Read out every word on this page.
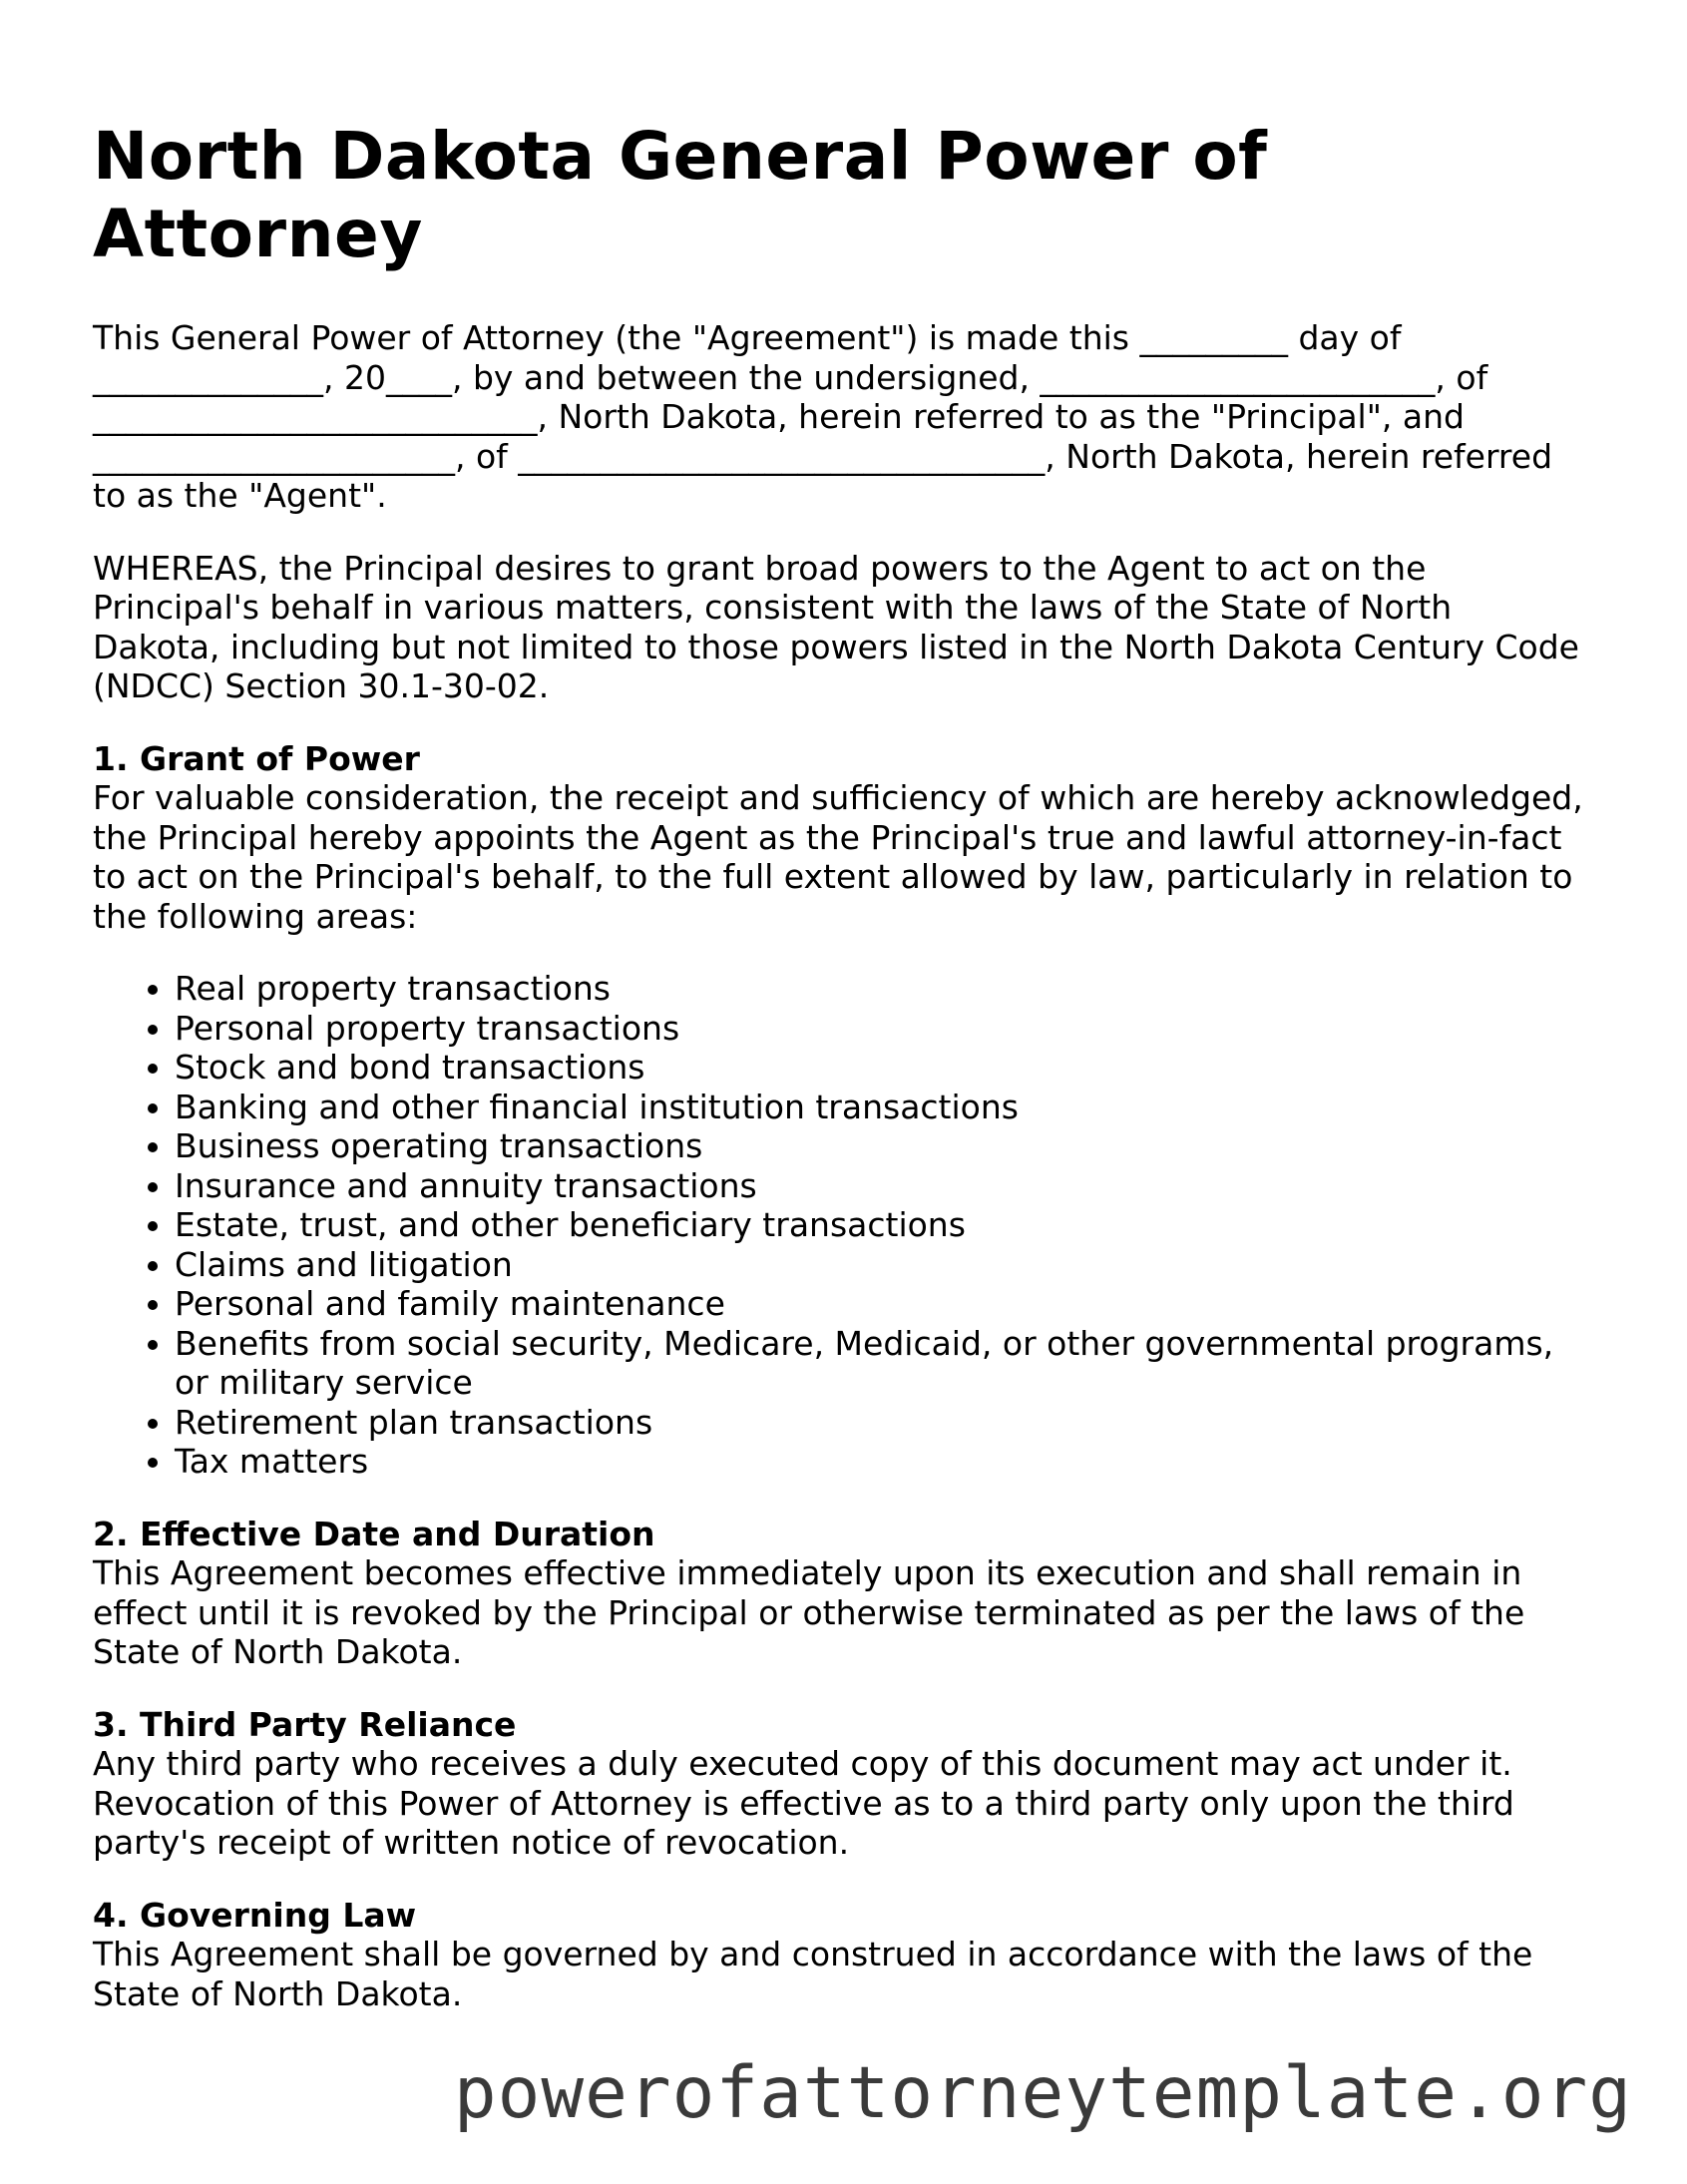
North Dakota General Power of Attorney

This General Power of Attorney (the "Agreement") is made this _________ day of ______________, 20____, by and between the undersigned, ________________________, of ___________________________, North Dakota, herein referred to as the "Principal", and ______________________, of ________________________________, North Dakota, herein referred to as the "Agent".

WHEREAS, the Principal desires to grant broad powers to the Agent to act on the Principal's behalf in various matters, consistent with the laws of the State of North Dakota, including but not limited to those powers listed in the North Dakota Century Code (NDCC) Section 30.1-30-02.

1. Grant of Power

For valuable consideration, the receipt and sufficiency of which are hereby acknowledged, the Principal hereby appoints the Agent as the Principal's true and lawful attorney-in-fact to act on the Principal's behalf, to the full extent allowed by law, particularly in relation to the following areas:

• Real property transactions
• Personal property transactions
• Stock and bond transactions
• Banking and other financial institution transactions
• Business operating transactions
• Insurance and annuity transactions
• Estate, trust, and other beneficiary transactions
• Claims and litigation
• Personal and family maintenance
• Benefits from social security, Medicare, Medicaid, or other governmental programs, or military service
• Retirement plan transactions
• Tax matters
2. Effective Date and Duration

This Agreement becomes effective immediately upon its execution and shall remain in effect until it is revoked by the Principal or otherwise terminated as per the laws of the State of North Dakota.

3. Third Party Reliance

Any third party who receives a duly executed copy of this document may act under it. Revocation of this Power of Attorney is effective as to a third party only upon the third party's receipt of written notice of revocation.

4. Governing Law

This Agreement shall be governed by and construed in accordance with the laws of the State of North Dakota.

powerofattorneytemplate.org
